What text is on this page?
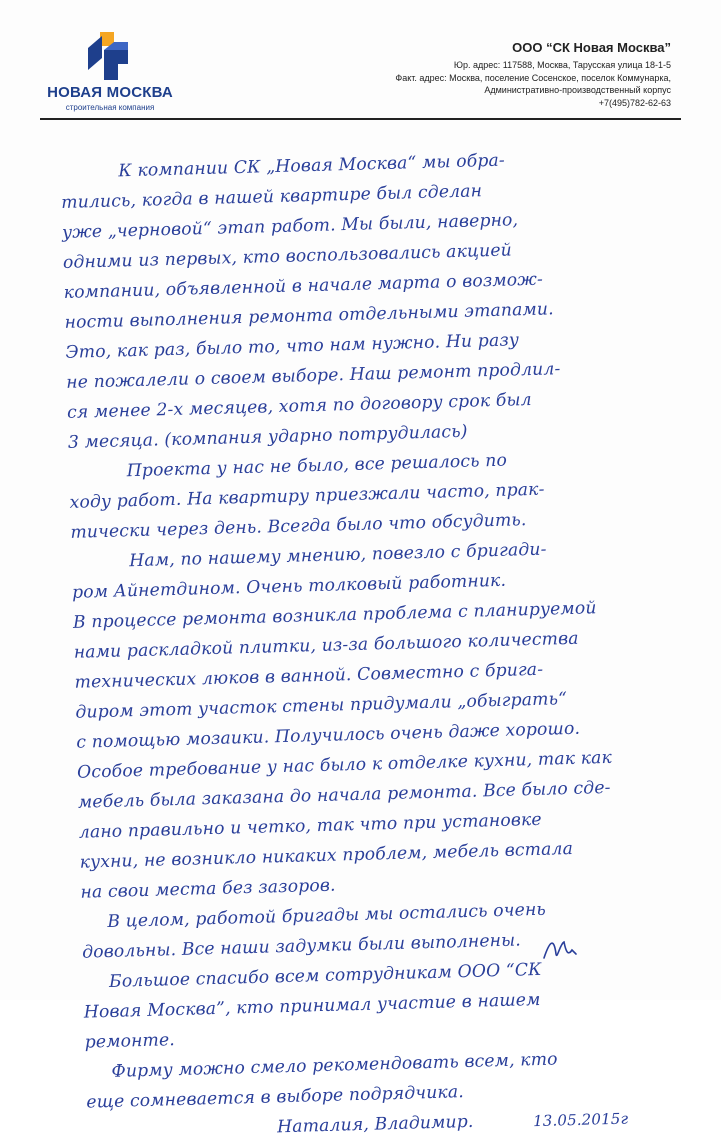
НОВАЯ МОСКВА
строительная компания
ООО “СК Новая Москва”
Юр. адрес: 117588, Москва, Тарусская улица 18-1-5
Факт. адрес: Москва, поселение Сосенское, поселок Коммунарка,
Административно-производственный корпус
+7(495)782-62-63
К компании СК „Новая Москва“ мы обра-
тились, когда в нашей квартире был сделан
уже „черновой“ этап работ. Мы были, наверно,
одними из первых, кто воспользовались акцией
компании, объявленной в начале марта о возмож-
ности выполнения ремонта отдельными этапами.
Это, как раз, было то, что нам нужно. Ни разу
не пожалели о своем выборе. Наш ремонт продлил-
ся менее 2-х месяцев, хотя по договору срок был
3 месяца. (компания ударно потрудилась)
Проекта у нас не было, все решалось по
ходу работ. На квартиру приезжали часто, прак-
тически через день. Всегда было что обсудить.
Нам, по нашему мнению, повезло с бригади-
ром Айнетдином. Очень толковый работник.
В процессе ремонта возникла проблема с планируемой
нами раскладкой плитки, из-за большого количества
технических люков в ванной. Совместно с брига-
диром этот участок стены придумали „обыграть“
с помощью мозаики. Получилось очень даже хорошо.
Особое требование у нас было к отделке кухни, так как
мебель была заказана до начала ремонта. Все было сде-
лано правильно и четко, так что при установке
кухни, не возникло никаких проблем, мебель встала
на свои места без зазоров.
В целом, работой бригады мы остались очень
довольны. Все наши задумки были выполнены.
Большое спасибо всем сотрудникам ООО “СК
Новая Москва”, кто принимал участие в нашем
ремонте.
Фирму можно смело рекомендовать всем, кто
еще сомневается в выборе подрядчика.
Наталия, Владимир.	13.05.2015г
